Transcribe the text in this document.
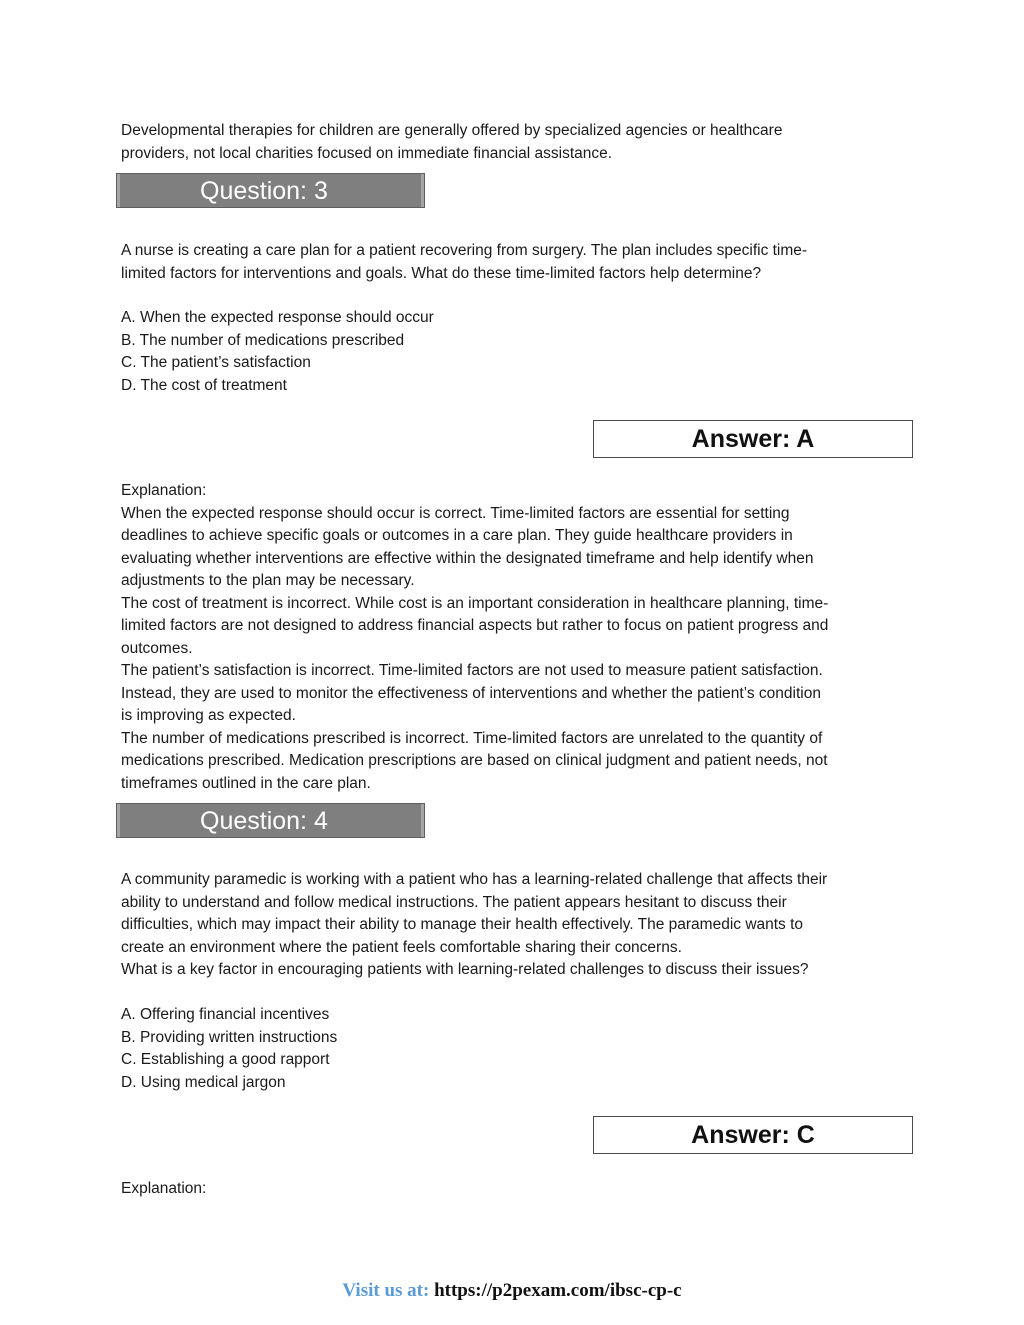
Developmental therapies for children are generally offered by specialized agencies or healthcare

providers, not local charities focused on immediate financial assistance.

Question: 3

A nurse is creating a care plan for a patient recovering from surgery. The plan includes specific time-

limited factors for interventions and goals. What do these time-limited factors help determine?

A. When the expected response should occur

B. The number of medications prescribed

C. The patient’s satisfaction

D. The cost of treatment

Answer: A

Explanation:

When the expected response should occur is correct. Time-limited factors are essential for setting

deadlines to achieve specific goals or outcomes in a care plan. They guide healthcare providers in

evaluating whether interventions are effective within the designated timeframe and help identify when

adjustments to the plan may be necessary.

The cost of treatment is incorrect. While cost is an important consideration in healthcare planning, time-

limited factors are not designed to address financial aspects but rather to focus on patient progress and

outcomes.

The patient’s satisfaction is incorrect. Time-limited factors are not used to measure patient satisfaction.

Instead, they are used to monitor the effectiveness of interventions and whether the patient’s condition

is improving as expected.

The number of medications prescribed is incorrect. Time-limited factors are unrelated to the quantity of

medications prescribed. Medication prescriptions are based on clinical judgment and patient needs, not

timeframes outlined in the care plan.

Question: 4

A community paramedic is working with a patient who has a learning-related challenge that affects their

ability to understand and follow medical instructions. The patient appears hesitant to discuss their

difficulties, which may impact their ability to manage their health effectively. The paramedic wants to

create an environment where the patient feels comfortable sharing their concerns.

What is a key factor in encouraging patients with learning-related challenges to discuss their issues?

A. Offering financial incentives

B. Providing written instructions

C. Establishing a good rapport

D. Using medical jargon

Answer: C

Explanation:

Visit us at: https://p2pexam.com/ibsc-cp-c
